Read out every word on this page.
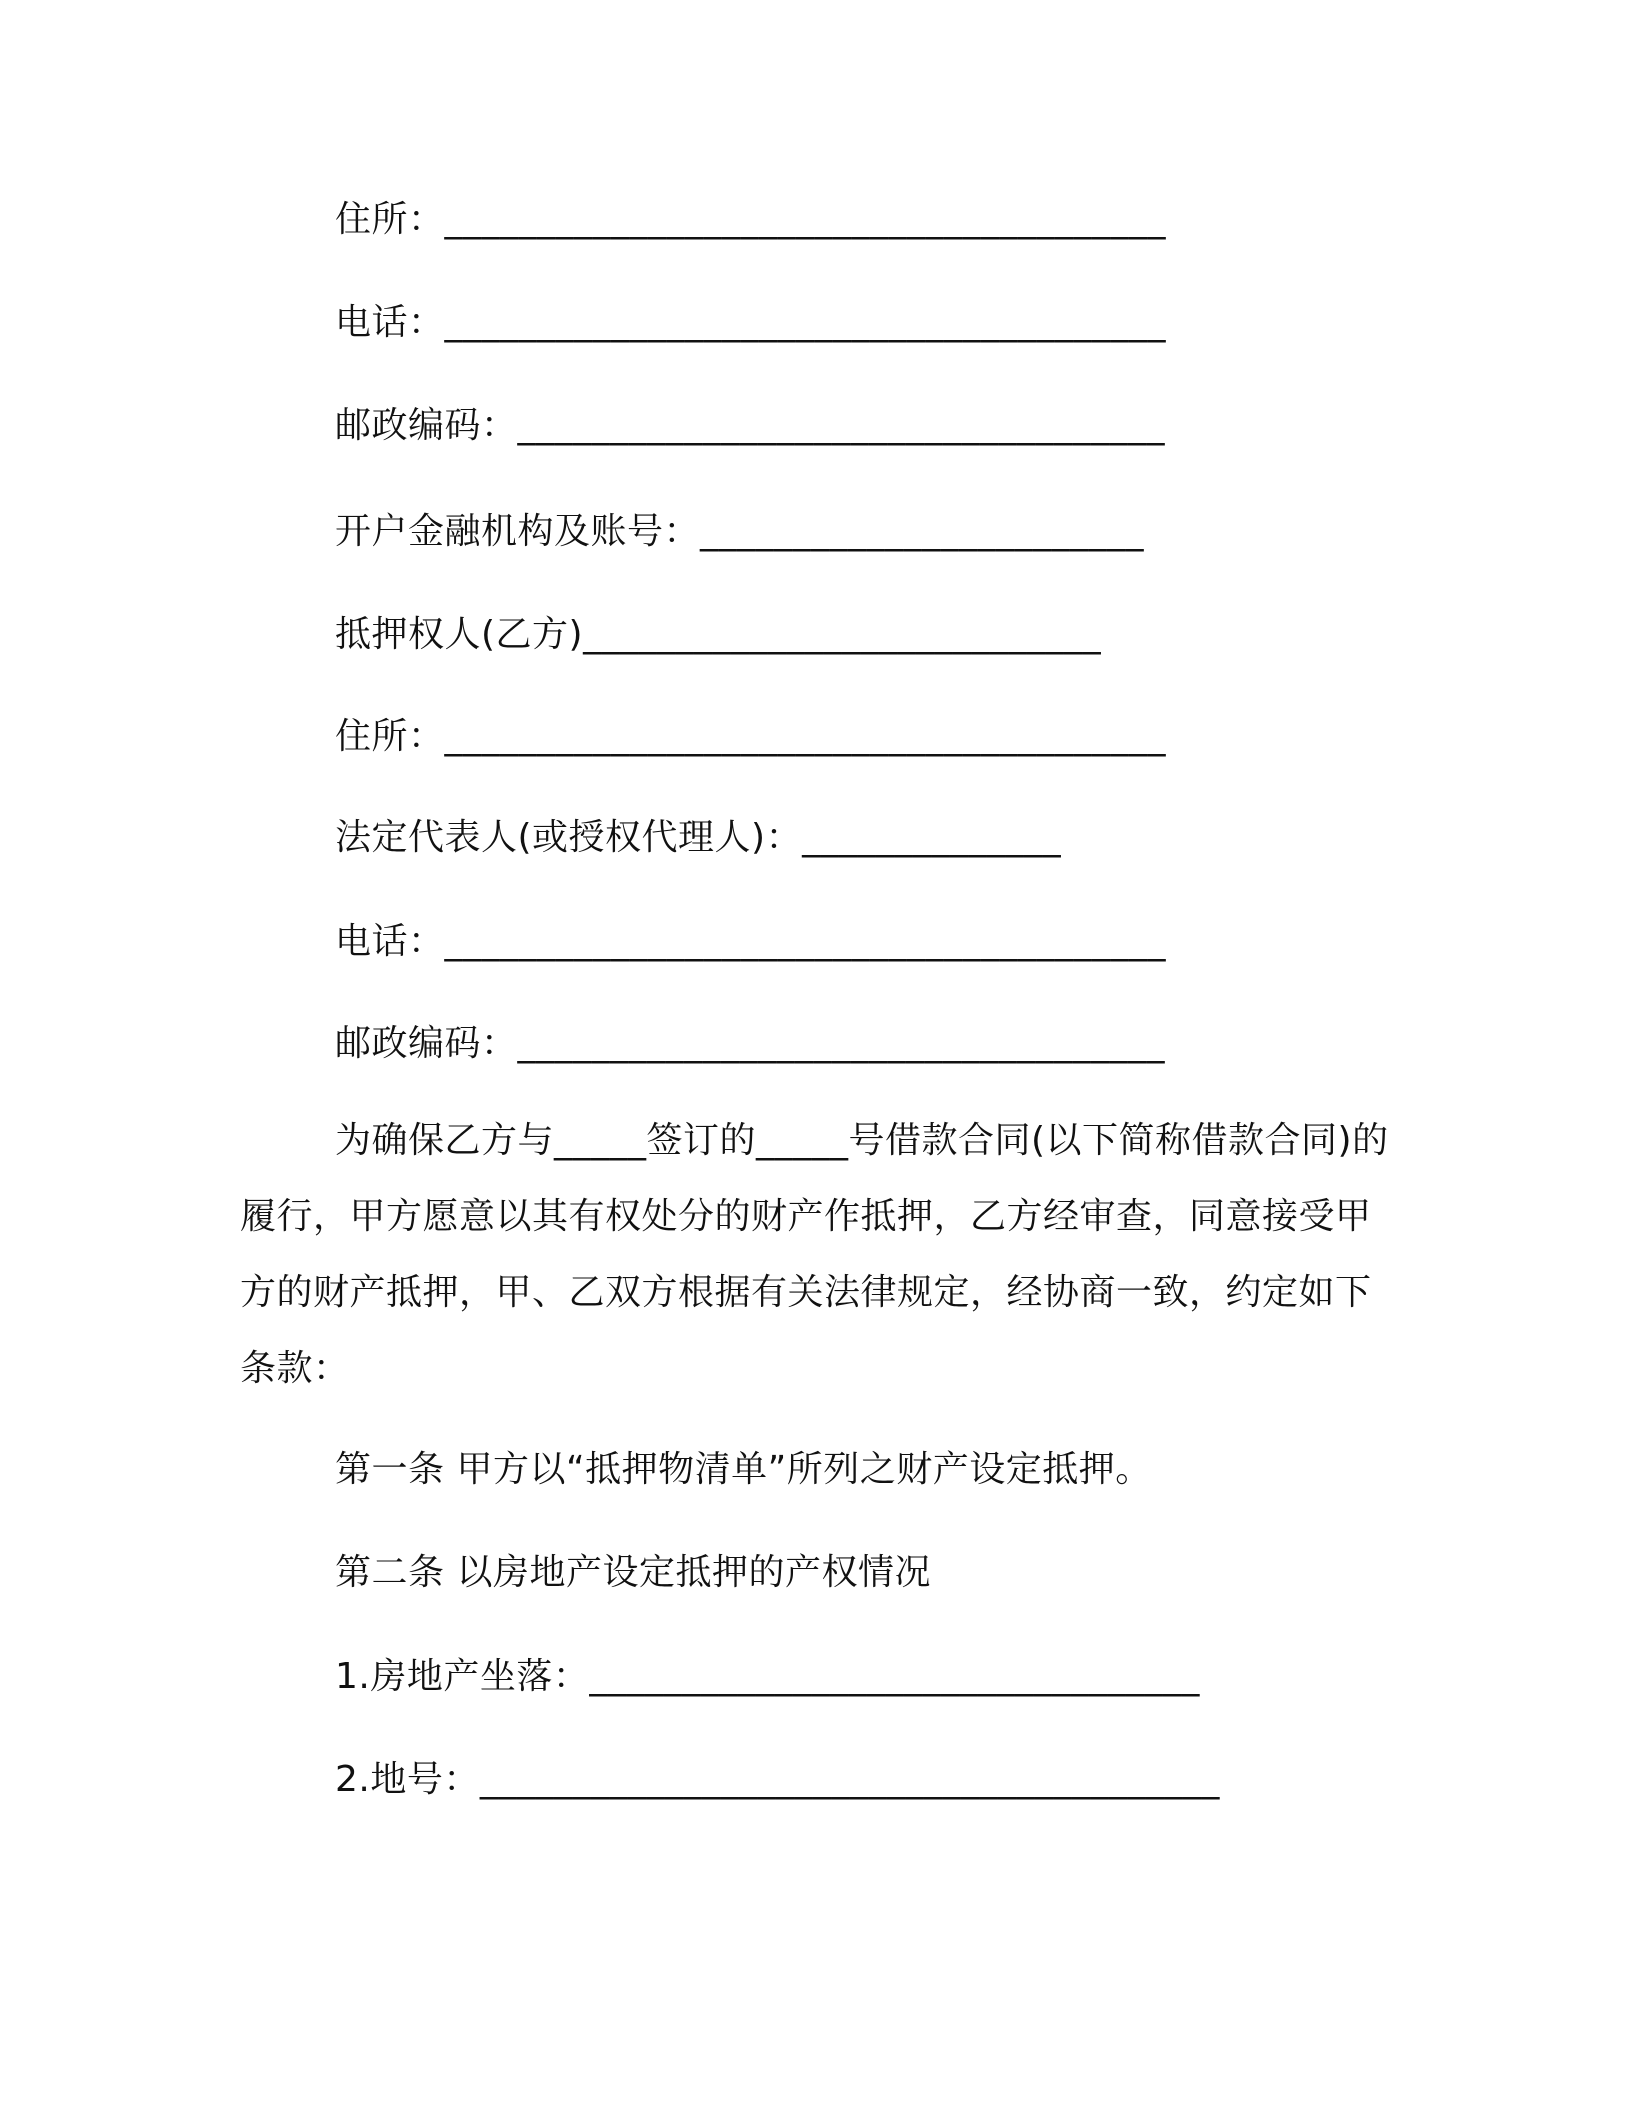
住所：_______________________________________
电话：_______________________________________
邮政编码：___________________________________
开户金融机构及账号：________________________
抵押权人(乙方)____________________________
住所：_______________________________________
法定代表人(或授权代理人)：______________
电话：_______________________________________
邮政编码：___________________________________
为确保乙方与_____签订的_____号借款合同(以下简称借款合同)的履行，甲方愿意以其有权处分的财产作抵押，乙方经审查，同意接受甲方的财产抵押，甲、乙双方根据有关法律规定，经协商一致，约定如下条款：
第一条 甲方以“抵押物清单”所列之财产设定抵押。
第二条 以房地产设定抵押的产权情况
1.房地产坐落：_________________________________
2.地号：________________________________________
